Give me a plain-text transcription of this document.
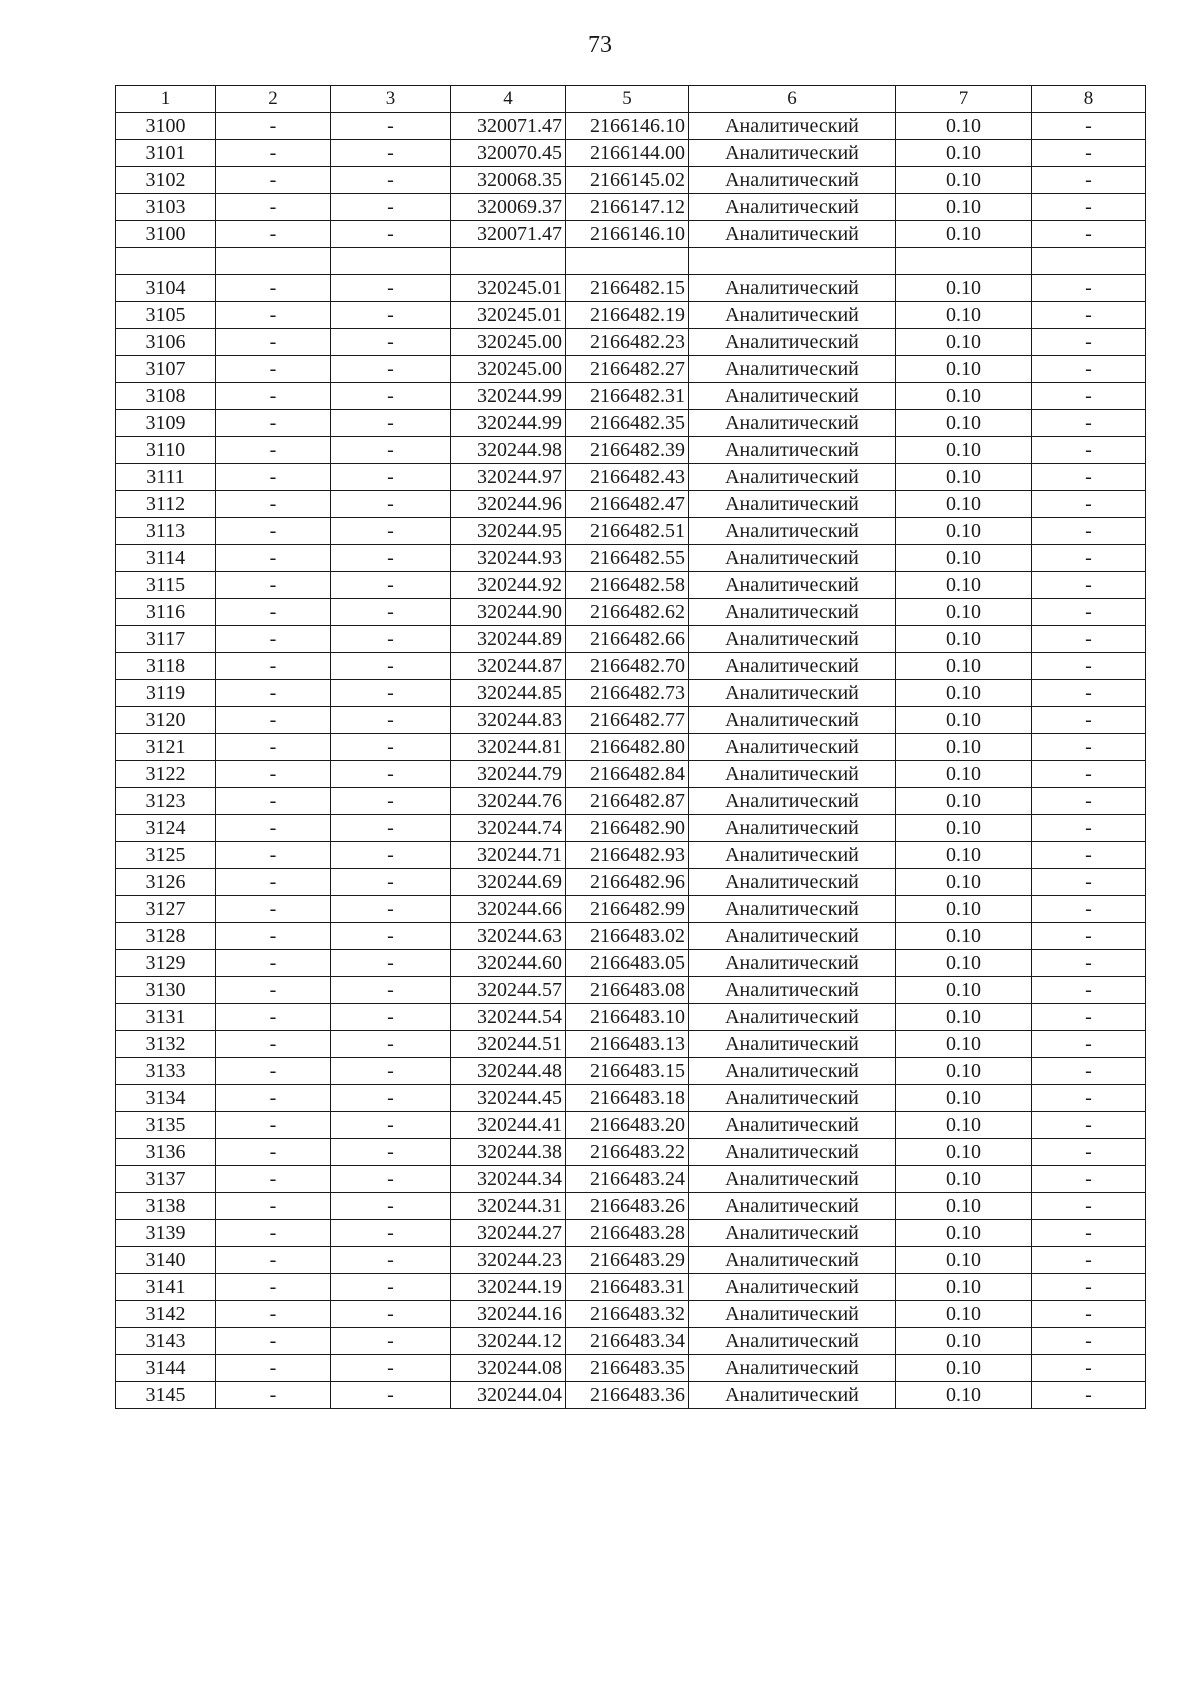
73
1	2	3	4	5	6	7	8
3100	-	-	320071.47	2166146.10	Аналитический	0.10	-
3101	-	-	320070.45	2166144.00	Аналитический	0.10	-
3102	-	-	320068.35	2166145.02	Аналитический	0.10	-
3103	-	-	320069.37	2166147.12	Аналитический	0.10	-
3100	-	-	320071.47	2166146.10	Аналитический	0.10	-

3104	-	-	320245.01	2166482.15	Аналитический	0.10	-
3105	-	-	320245.01	2166482.19	Аналитический	0.10	-
3106	-	-	320245.00	2166482.23	Аналитический	0.10	-
3107	-	-	320245.00	2166482.27	Аналитический	0.10	-
3108	-	-	320244.99	2166482.31	Аналитический	0.10	-
3109	-	-	320244.99	2166482.35	Аналитический	0.10	-
3110	-	-	320244.98	2166482.39	Аналитический	0.10	-
3111	-	-	320244.97	2166482.43	Аналитический	0.10	-
3112	-	-	320244.96	2166482.47	Аналитический	0.10	-
3113	-	-	320244.95	2166482.51	Аналитический	0.10	-
3114	-	-	320244.93	2166482.55	Аналитический	0.10	-
3115	-	-	320244.92	2166482.58	Аналитический	0.10	-
3116	-	-	320244.90	2166482.62	Аналитический	0.10	-
3117	-	-	320244.89	2166482.66	Аналитический	0.10	-
3118	-	-	320244.87	2166482.70	Аналитический	0.10	-
3119	-	-	320244.85	2166482.73	Аналитический	0.10	-
3120	-	-	320244.83	2166482.77	Аналитический	0.10	-
3121	-	-	320244.81	2166482.80	Аналитический	0.10	-
3122	-	-	320244.79	2166482.84	Аналитический	0.10	-
3123	-	-	320244.76	2166482.87	Аналитический	0.10	-
3124	-	-	320244.74	2166482.90	Аналитический	0.10	-
3125	-	-	320244.71	2166482.93	Аналитический	0.10	-
3126	-	-	320244.69	2166482.96	Аналитический	0.10	-
3127	-	-	320244.66	2166482.99	Аналитический	0.10	-
3128	-	-	320244.63	2166483.02	Аналитический	0.10	-
3129	-	-	320244.60	2166483.05	Аналитический	0.10	-
3130	-	-	320244.57	2166483.08	Аналитический	0.10	-
3131	-	-	320244.54	2166483.10	Аналитический	0.10	-
3132	-	-	320244.51	2166483.13	Аналитический	0.10	-
3133	-	-	320244.48	2166483.15	Аналитический	0.10	-
3134	-	-	320244.45	2166483.18	Аналитический	0.10	-
3135	-	-	320244.41	2166483.20	Аналитический	0.10	-
3136	-	-	320244.38	2166483.22	Аналитический	0.10	-
3137	-	-	320244.34	2166483.24	Аналитический	0.10	-
3138	-	-	320244.31	2166483.26	Аналитический	0.10	-
3139	-	-	320244.27	2166483.28	Аналитический	0.10	-
3140	-	-	320244.23	2166483.29	Аналитический	0.10	-
3141	-	-	320244.19	2166483.31	Аналитический	0.10	-
3142	-	-	320244.16	2166483.32	Аналитический	0.10	-
3143	-	-	320244.12	2166483.34	Аналитический	0.10	-
3144	-	-	320244.08	2166483.35	Аналитический	0.10	-
3145	-	-	320244.04	2166483.36	Аналитический	0.10	-
